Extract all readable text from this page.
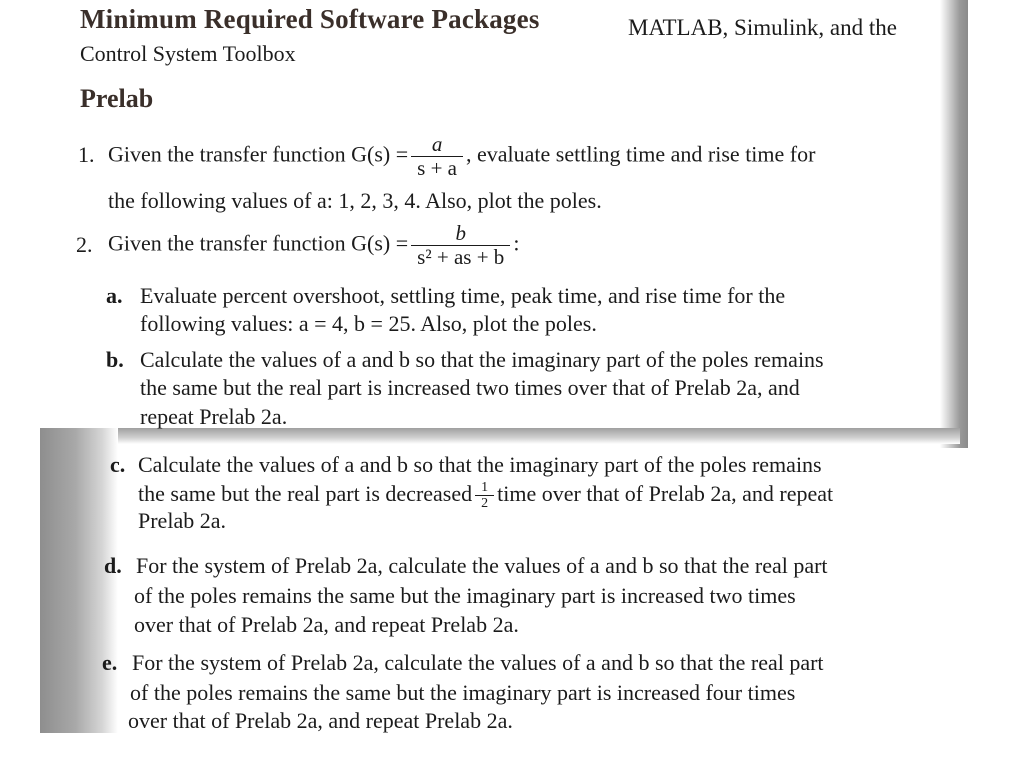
Minimum Required Software Packages	MATLAB, Simulink, and the
Control System Toolbox
Prelab
1. Given the transfer function $G(s) = \frac{a}{s + a}$ , evaluate settling time and rise time for
the following values of a: 1, 2, 3, 4. Also, plot the poles.
2. Given the transfer function $G(s) = \frac{b}{\text{s² + as + b}}$ :
a. Evaluate percent overshoot, settling time, peak time, and rise time for the
following values: a = 4, b = 25. Also, plot the poles.
b. Calculate the values of a and b so that the imaginary part of the poles remains
the same but the real part is increased two times over that of Prelab 2a, and
repeat Prelab 2a.
c. Calculate the values of a and b so that the imaginary part of the poles remains
the same but the real part is decreased $\frac{1}{2}$ time over that of Prelab 2a, and repeat
Prelab 2a.
d. For the system of Prelab 2a, calculate the values of a and b so that the real part
of the poles remains the same but the imaginary part is increased two times
over that of Prelab 2a, and repeat Prelab 2a.
e. For the system of Prelab 2a, calculate the values of a and b so that the real part
of the poles remains the same but the imaginary part is increased four times
over that of Prelab 2a, and repeat Prelab 2a.
